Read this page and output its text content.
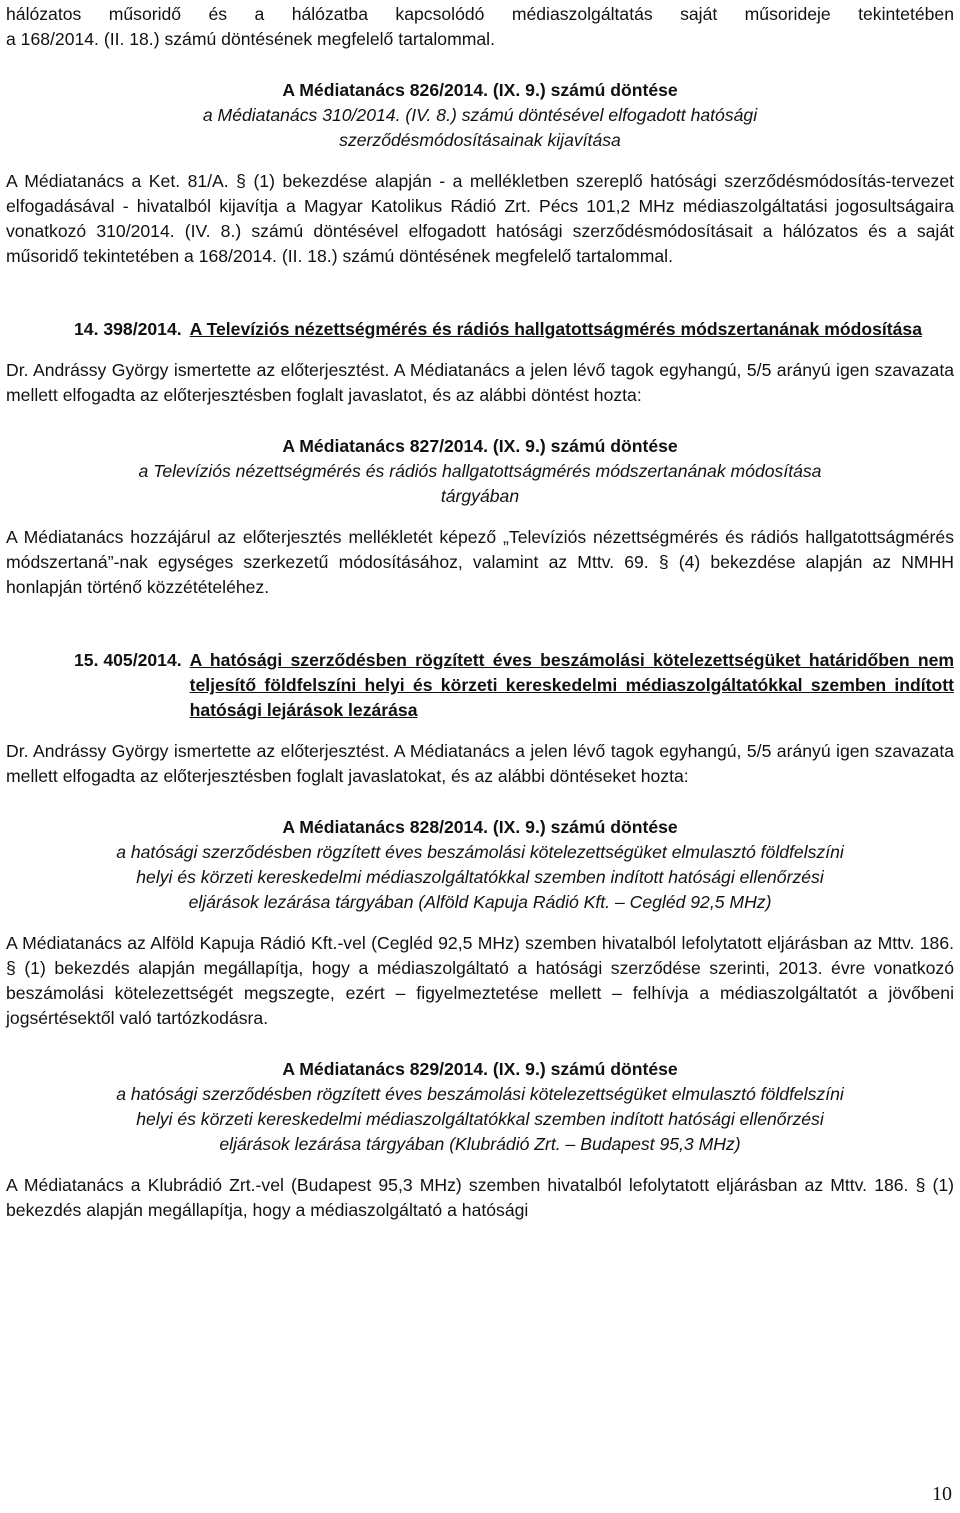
hálózatos műsoridő és a hálózatba kapcsolódó médiaszolgáltatás saját műsorideje tekintetében

a 168/2014. (II. 18.) számú döntésének megfelelő tartalommal.

A Médiatanács 826/2014. (IX. 9.) számú döntése

a Médiatanács 310/2014. (IV. 8.) számú döntésével elfogadott hatósági

szerződésmódosításainak kijavítása

A Médiatanács a Ket. 81/A. § (1) bekezdése alapján - a mellékletben szereplő hatósági szerződésmódosítás-tervezet elfogadásával - hivatalból kijavítja a Magyar Katolikus Rádió Zrt. Pécs 101,2 MHz médiaszolgáltatási jogosultságaira vonatkozó 310/2014. (IV. 8.) számú döntésével elfogadott hatósági szerződésmódosításait a hálózatos és a saját műsoridő tekintetében a 168/2014. (II. 18.) számú döntésének megfelelő tartalommal.

14. 398/2014. A Televíziós nézettségmérés és rádiós hallgatottságmérés módszertanának módosítása

Dr. Andrássy György ismertette az előterjesztést. A Médiatanács a jelen lévő tagok egyhangú, 5/5 arányú igen szavazata mellett elfogadta az előterjesztésben foglalt javaslatot, és az alábbi döntést hozta:

A Médiatanács 827/2014. (IX. 9.) számú döntése

a Televíziós nézettségmérés és rádiós hallgatottságmérés módszertanának módosítása

tárgyában

A Médiatanács hozzájárul az előterjesztés mellékletét képező „Televíziós nézettségmérés és rádiós hallgatottságmérés módszertaná”-nak egységes szerkezetű módosításához, valamint az Mttv. 69. § (4) bekezdése alapján az NMHH honlapján történő közzétételéhez.

15. 405/2014. A hatósági szerződésben rögzített éves beszámolási kötelezettségüket határidőben nem teljesítő földfelszíni helyi és körzeti kereskedelmi médiaszolgáltatókkal szemben indított hatósági lejárások lezárása

Dr. Andrássy György ismertette az előterjesztést. A Médiatanács a jelen lévő tagok egyhangú, 5/5 arányú igen szavazata mellett elfogadta az előterjesztésben foglalt javaslatokat, és az alábbi döntéseket hozta:

A Médiatanács 828/2014. (IX. 9.) számú döntése

a hatósági szerződésben rögzített éves beszámolási kötelezettségüket elmulasztó földfelszíni

helyi és körzeti kereskedelmi médiaszolgáltatókkal szemben indított hatósági ellenőrzési

eljárások lezárása tárgyában (Alföld Kapuja Rádió Kft. – Cegléd 92,5 MHz)

A Médiatanács az Alföld Kapuja Rádió Kft.-vel (Cegléd 92,5 MHz) szemben hivatalból lefolytatott eljárásban az Mttv. 186. § (1) bekezdés alapján megállapítja, hogy a médiaszolgáltató a hatósági szerződése szerinti, 2013. évre vonatkozó beszámolási kötelezettségét megszegte, ezért – figyelmeztetése mellett – felhívja a médiaszolgáltatót a jövőbeni jogsértésektől való tartózkodásra.

A Médiatanács 829/2014. (IX. 9.) számú döntése

a hatósági szerződésben rögzített éves beszámolási kötelezettségüket elmulasztó földfelszíni

helyi és körzeti kereskedelmi médiaszolgáltatókkal szemben indított hatósági ellenőrzési

eljárások lezárása tárgyában (Klubrádió Zrt. – Budapest 95,3 MHz)

A Médiatanács a Klubrádió Zrt.-vel (Budapest 95,3 MHz) szemben hivatalból lefolytatott eljárásban az Mttv. 186. § (1) bekezdés alapján megállapítja, hogy a médiaszolgáltató a hatósági

10
